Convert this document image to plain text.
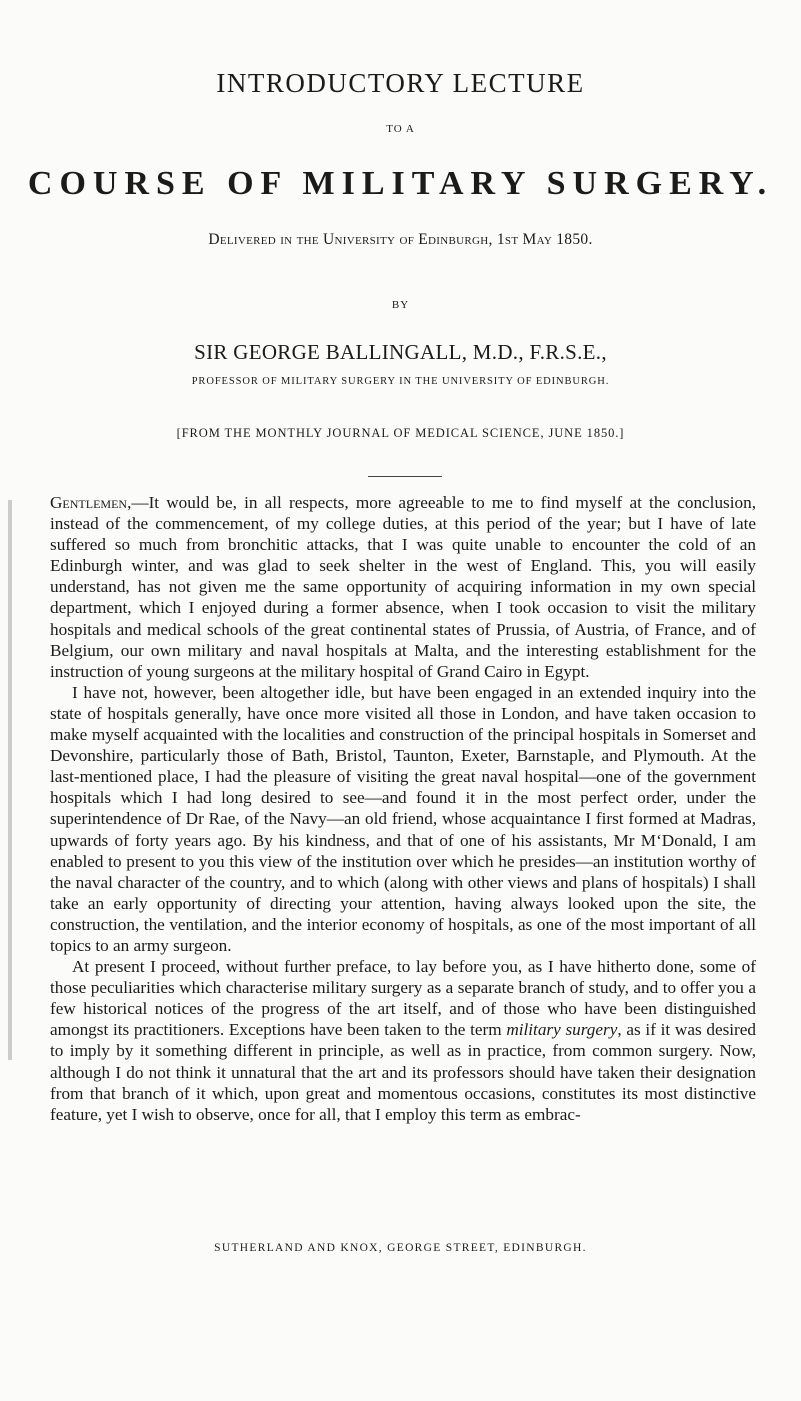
INTRODUCTORY LECTURE
TO A
COURSE OF MILITARY SURGERY.
Delivered in the University of Edinburgh, 1st May 1850.
BY
SIR GEORGE BALLINGALL, M.D., F.R.S.E.,
PROFESSOR OF MILITARY SURGERY IN THE UNIVERSITY OF EDINBURGH.
[FROM THE MONTHLY JOURNAL OF MEDICAL SCIENCE, JUNE 1850.]

Gentlemen,—It would be, in all respects, more agreeable to me to find myself at the conclusion, instead of the commencement, of my college duties, at this period of the year; but I have of late suffered so much from bronchitic attacks, that I was quite unable to encounter the cold of an Edinburgh winter, and was glad to seek shelter in the west of England. This, you will easily understand, has not given me the same opportunity of acquiring information in my own special department, which I enjoyed during a former absence, when I took occasion to visit the military hospitals and medical schools of the great continental states of Prussia, of Austria, of France, and of Belgium, our own military and naval hospitals at Malta, and the interesting establishment for the instruction of young surgeons at the military hospital of Grand Cairo in Egypt.

I have not, however, been altogether idle, but have been engaged in an extended inquiry into the state of hospitals generally, have once more visited all those in London, and have taken occasion to make myself acquainted with the localities and construction of the principal hospitals in Somerset and Devonshire, particularly those of Bath, Bristol, Taunton, Exeter, Barnstaple, and Plymouth. At the last-mentioned place, I had the pleasure of visiting the great naval hospital—one of the government hospitals which I had long desired to see—and found it in the most perfect order, under the superintendence of Dr Rae, of the Navy—an old friend, whose acquaintance I first formed at Madras, upwards of forty years ago. By his kindness, and that of one of his assistants, Mr M‘Donald, I am enabled to present to you this view of the institution over which he presides—an institution worthy of the naval character of the country, and to which (along with other views and plans of hospitals) I shall take an early opportunity of directing your attention, having always looked upon the site, the construction, the ventilation, and the interior economy of hospitals, as one of the most important of all topics to an army surgeon.

At present I proceed, without further preface, to lay before you, as I have hitherto done, some of those peculiarities which characterise military surgery as a separate branch of study, and to offer you a few historical notices of the progress of the art itself, and of those who have been distinguished amongst its practitioners. Exceptions have been taken to the term military surgery, as if it was desired to imply by it something different in principle, as well as in practice, from common surgery. Now, although I do not think it unnatural that the art and its professors should have taken their designation from that branch of it which, upon great and momentous occasions, constitutes its most distinctive feature, yet I wish to observe, once for all, that I employ this term as embrac-

SUTHERLAND AND KNOX, GEORGE STREET, EDINBURGH.
